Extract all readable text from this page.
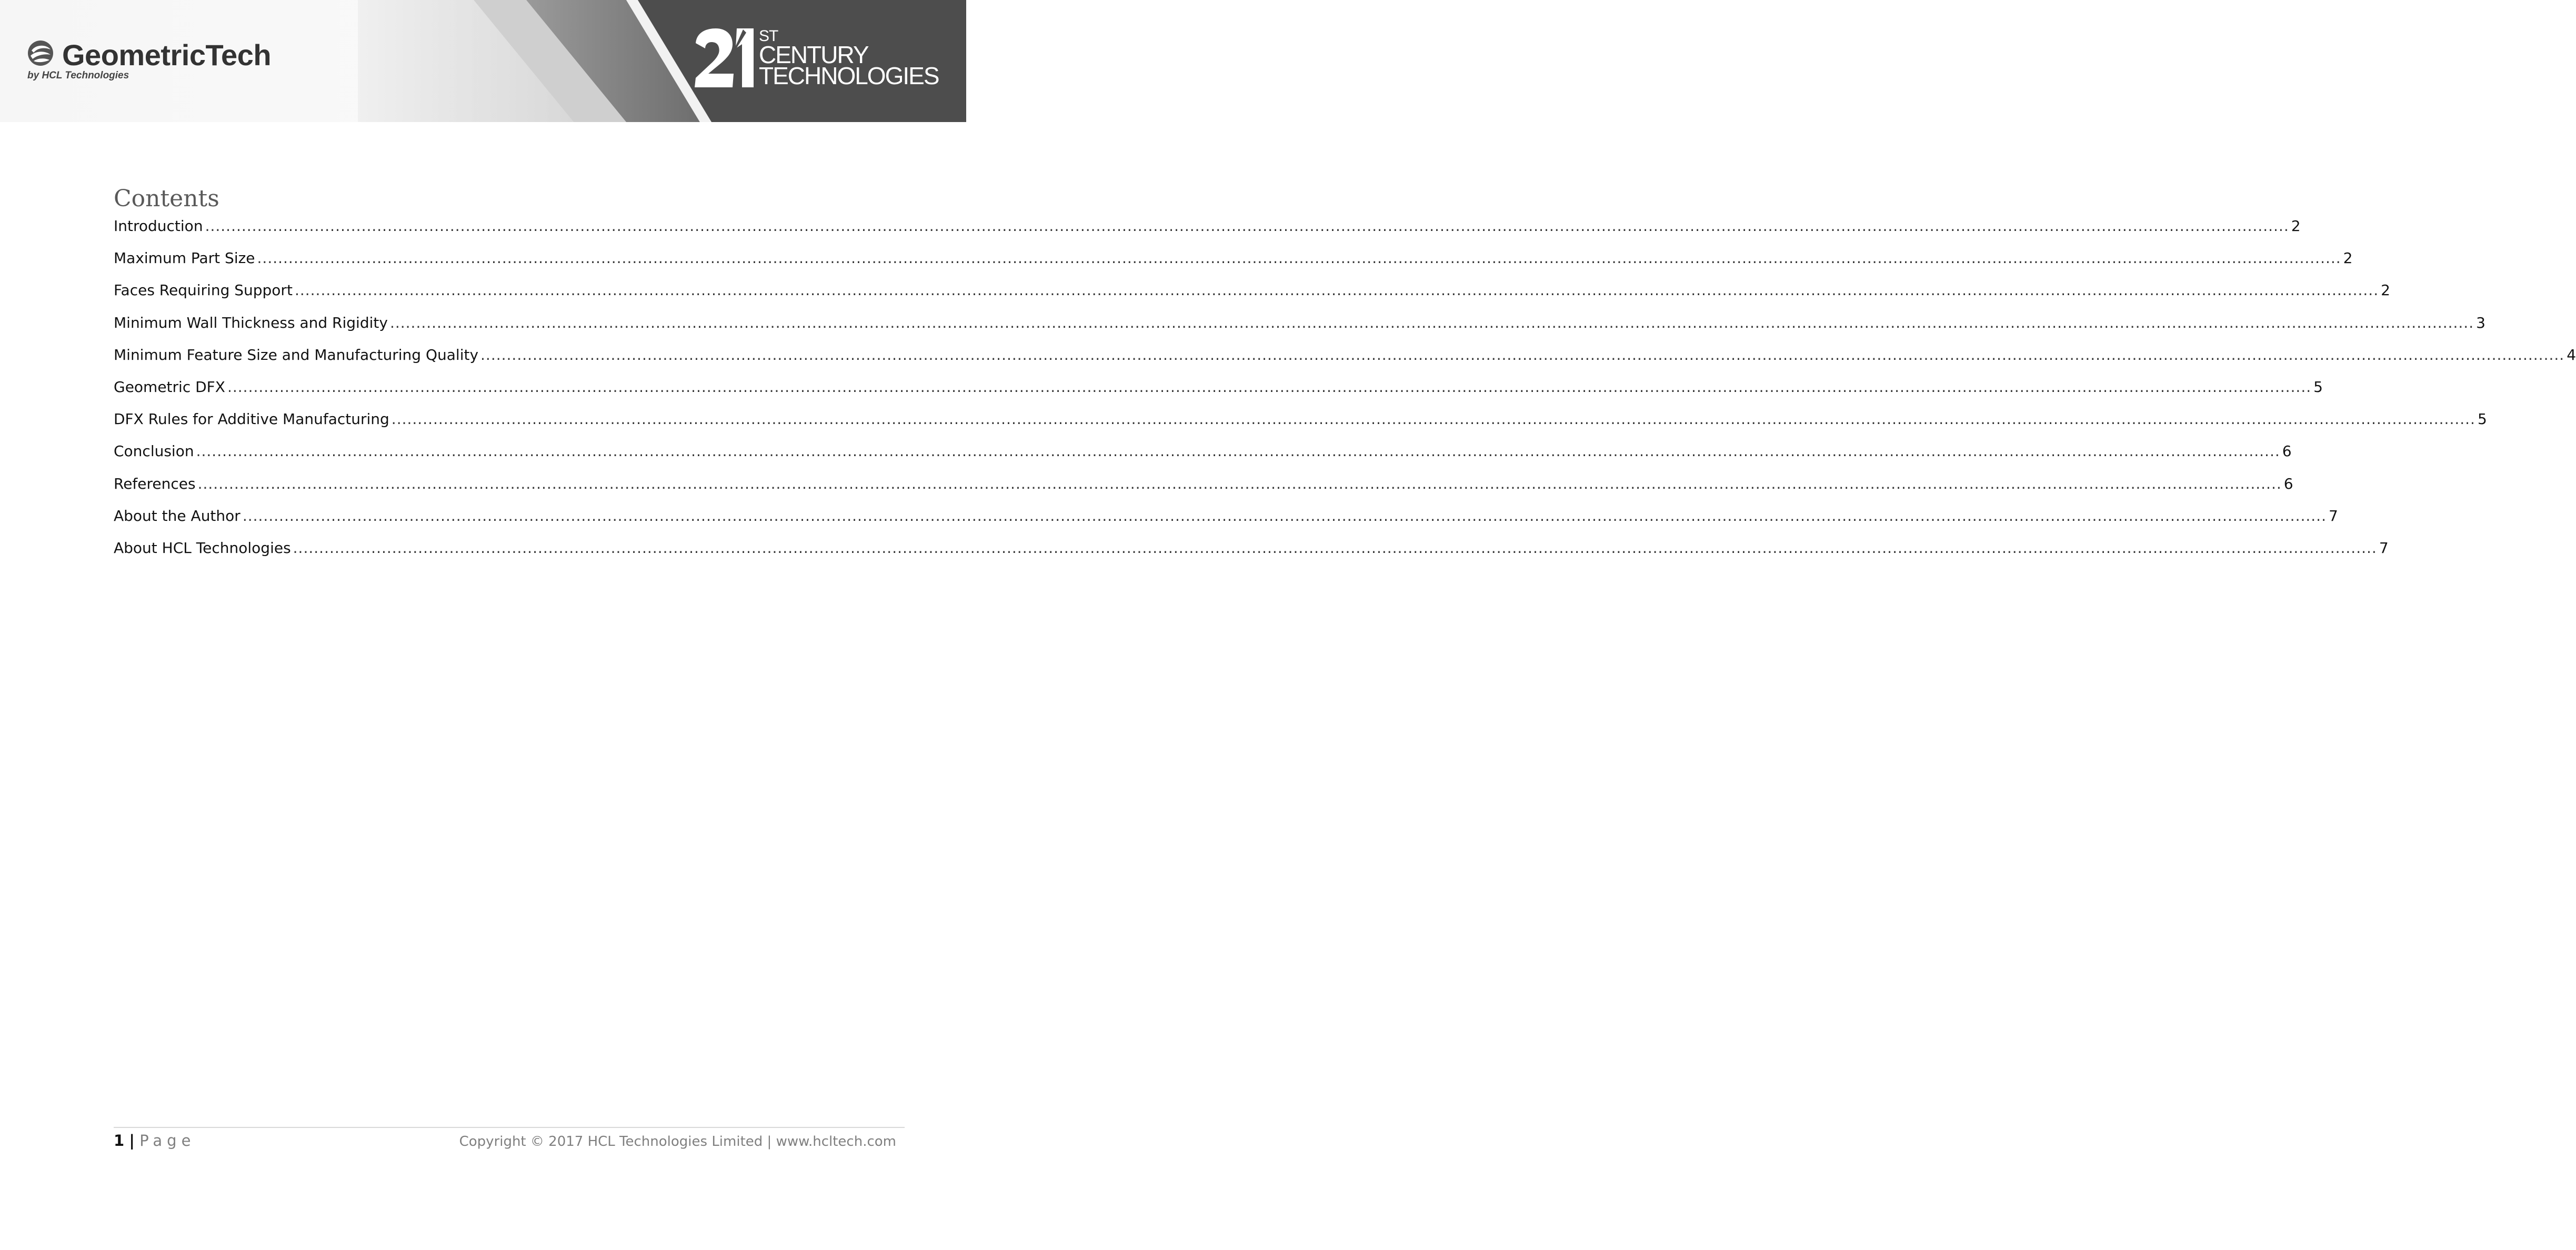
GeometricTech
by HCL Technologies
ST
CENTURY
TECHNOLOGIES
Contents
Introduction ................................................................................................................................................................................................................................................................................................................................................................................................................ 2
Maximum Part Size ................................................................................................................................................................................................................................................................................................................................................................................................................ 2
Faces Requiring Support ................................................................................................................................................................................................................................................................................................................................................................................................................ 2
Minimum Wall Thickness and Rigidity ................................................................................................................................................................................................................................................................................................................................................................................................................ 3
Minimum Feature Size and Manufacturing Quality ................................................................................................................................................................................................................................................................................................................................................................................................................ 4
Geometric DFX ................................................................................................................................................................................................................................................................................................................................................................................................................ 5
DFX Rules for Additive Manufacturing ................................................................................................................................................................................................................................................................................................................................................................................................................ 5
Conclusion ................................................................................................................................................................................................................................................................................................................................................................................................................ 6
References ................................................................................................................................................................................................................................................................................................................................................................................................................ 6
About the Author ................................................................................................................................................................................................................................................................................................................................................................................................................ 7
About HCL Technologies ................................................................................................................................................................................................................................................................................................................................................................................................................ 7
1 | Page	Copyright © 2017 HCL Technologies Limited | www.hcltech.com
